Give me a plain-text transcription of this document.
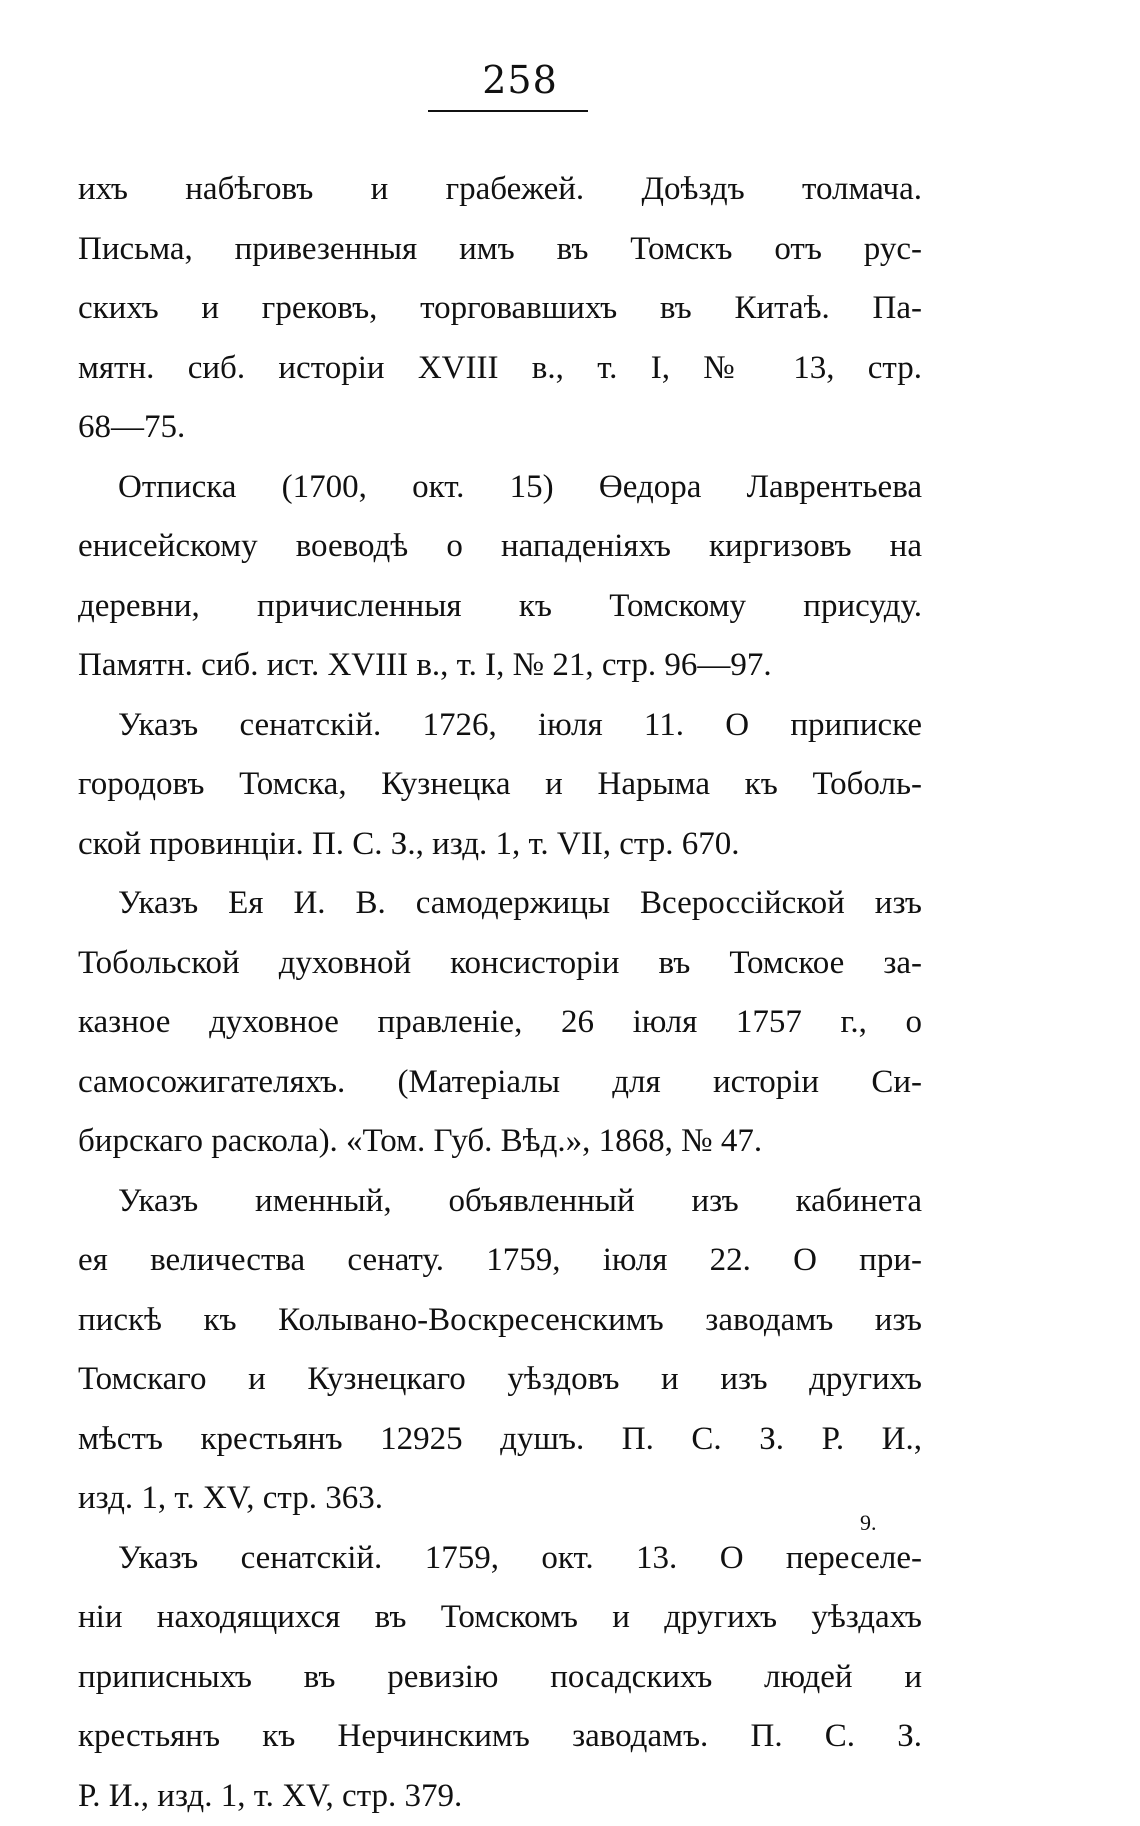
258
ихъ набѣговъ и грабежей. Доѣздъ толмача.
Письма, привезенныя имъ въ Томскъ отъ рус-
скихъ и грековъ, торговавшихъ въ Китаѣ. Па-
мятн. сиб. исторіи XVIII в., т. I, № 13, стр.
68—75.
Отписка (1700, окт. 15) Өедора Лаврентьева
енисейскому воеводѣ о нападеніяхъ киргизовъ на
деревни, причисленныя къ Томскому присуду.
Памятн. сиб. ист. XVIII в., т. I, № 21, стр. 96—97.
Указъ сенатскій. 1726, іюля 11. О приписке
городовъ Томска, Кузнецка и Нарыма къ Тоболь-
ской провинціи. П. С. З., изд. 1, т. VII, стр. 670.
Указъ Ея И. В. самодержицы Всероссійской изъ
Тобольской духовной консисторіи въ Томское за-
казное духовное правленіе, 26 іюля 1757 г., о
самосожигателяхъ. (Матеріалы для исторіи Си-
бирскаго раскола). «Том. Губ. Вѣд.», 1868, № 47.
Указъ именный, объявленный изъ кабинета
ея величества сенату. 1759, іюля 22. О при-
пискѣ къ Колывано-Воскресенскимъ заводамъ изъ
Томскаго и Кузнецкаго уѣздовъ и изъ другихъ
мѣстъ крестьянъ 12925 душъ. П. С. З. Р. И.,
изд. 1, т. XV, стр. 363.
Указъ сенатскій. 1759, окт. 13. О переселе-
ніи находящихся въ Томскомъ и другихъ уѣздахъ
приписныхъ въ ревизію посадскихъ людей и
крестьянъ къ Нерчинскимъ заводамъ. П. С. З.
Р. И., изд. 1, т. XV, стр. 379.
9.
